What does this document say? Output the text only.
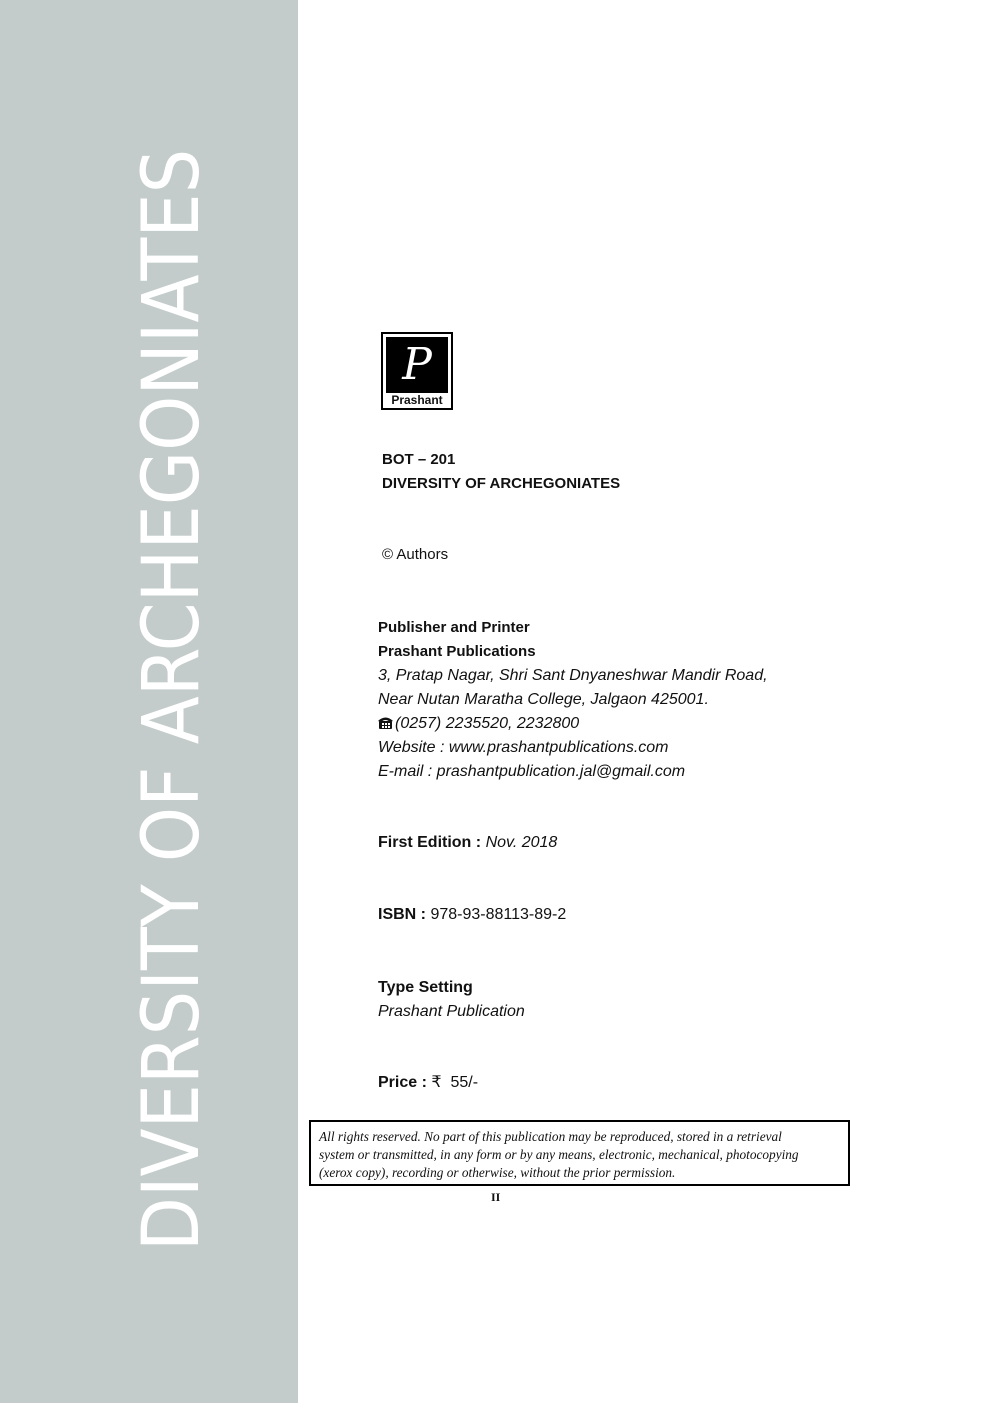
DIVERSITY OF ARCHEGONIATES	P
Prashant
BOT – 201
DIVERSITY OF ARCHEGONIATES
© Authors
Publisher and Printer
Prashant Publications
3, Pratap Nagar, Shri Sant Dnyaneshwar Mandir Road,
Near Nutan Maratha College, Jalgaon 425001.
(0257) 2235520, 2232800
Website : www.prashantpublications.com
E-mail : prashantpublication.jal@gmail.com
First Edition : Nov. 2018
ISBN : 978-93-88113-89-2
Type Setting
Prashant Publication
Price : ₹  55/-
All rights reserved. No part of this publication may be reproduced, stored in a retrieval
system or transmitted, in any form or by any means, electronic, mechanical, photocopying
(xerox copy), recording or otherwise, without the prior permission.
II
